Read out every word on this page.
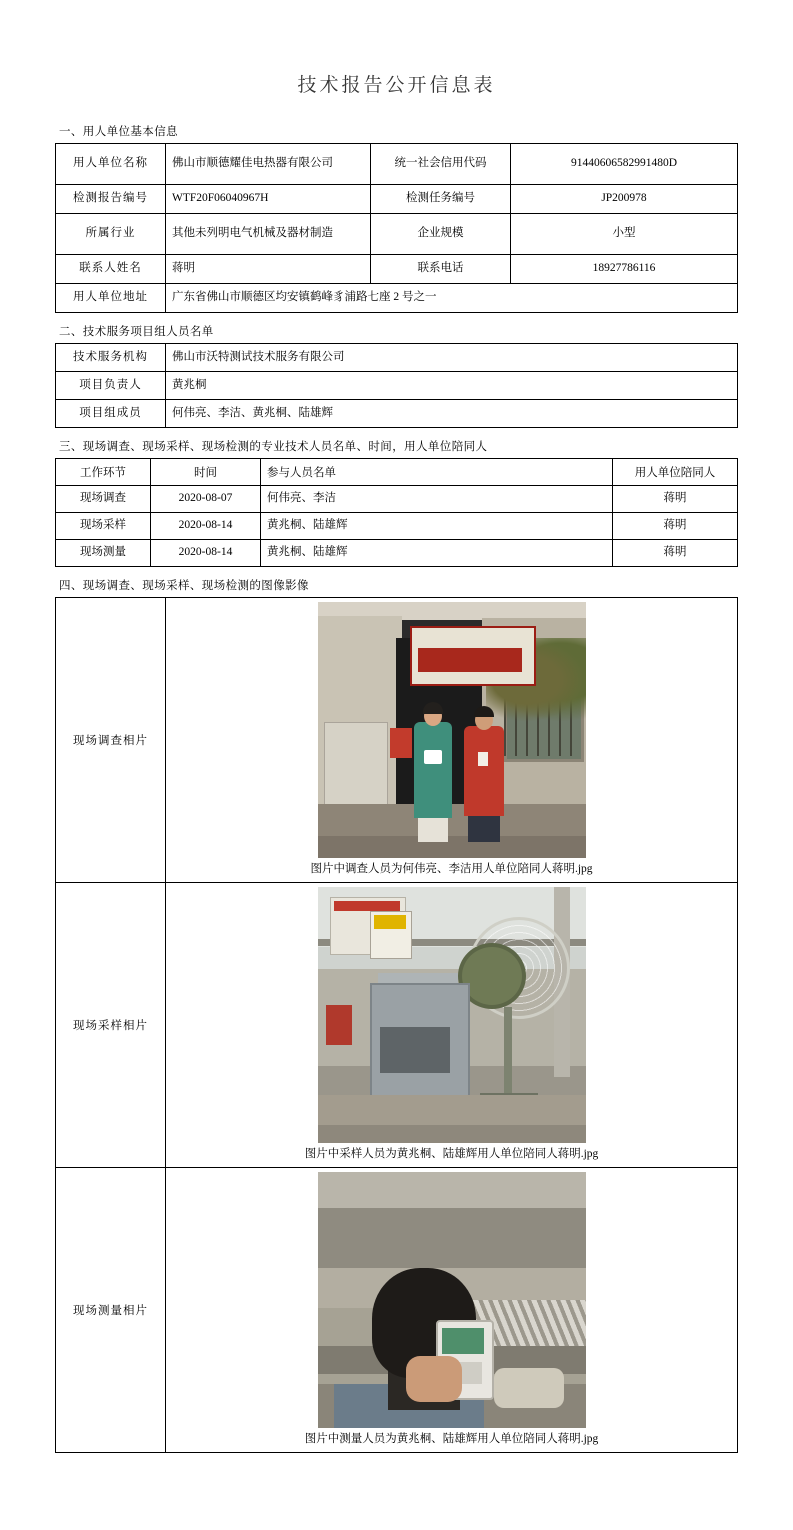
技术报告公开信息表
一、用人单位基本信息
用人单位名称	佛山市顺德耀佳电热器有限公司	统一社会信用代码	91440606582991480D
检测报告编号	WTF20F06040967H	检测任务编号	JP200978
所属行业	其他未列明电气机械及器材制造	企业规模	小型
联系人姓名	蒋明	联系电话	18927786116
用人单位地址	广东省佛山市顺德区均安镇鹤峰豸浦路七座 2 号之一		
二、技术服务项目组人员名单
技术服务机构	佛山市沃特测试技术服务有限公司
项目负责人	黄兆桐
项目组成员	何伟亮、李洁、黄兆桐、陆雄辉
三、现场调查、现场采样、现场检测的专业技术人员名单、时间，用人单位陪同人
工作环节	时间	参与人员名单	用人单位陪同人
现场调查	2020-08-07	何伟亮、李洁	蒋明
现场采样	2020-08-14	黄兆桐、陆雄辉	蒋明
现场测量	2020-08-14	黄兆桐、陆雄辉	蒋明
四、现场调查、现场采样、现场检测的图像影像
现场调查相片	图片中调查人员为何伟亮、李洁用人单位陪同人蒋明.jpg

现场采样相片	图片中采样人员为黄兆桐、陆雄辉用人单位陪同人蒋明.jpg

现场测量相片	图片中测量人员为黄兆桐、陆雄辉用人单位陪同人蒋明.jpg
